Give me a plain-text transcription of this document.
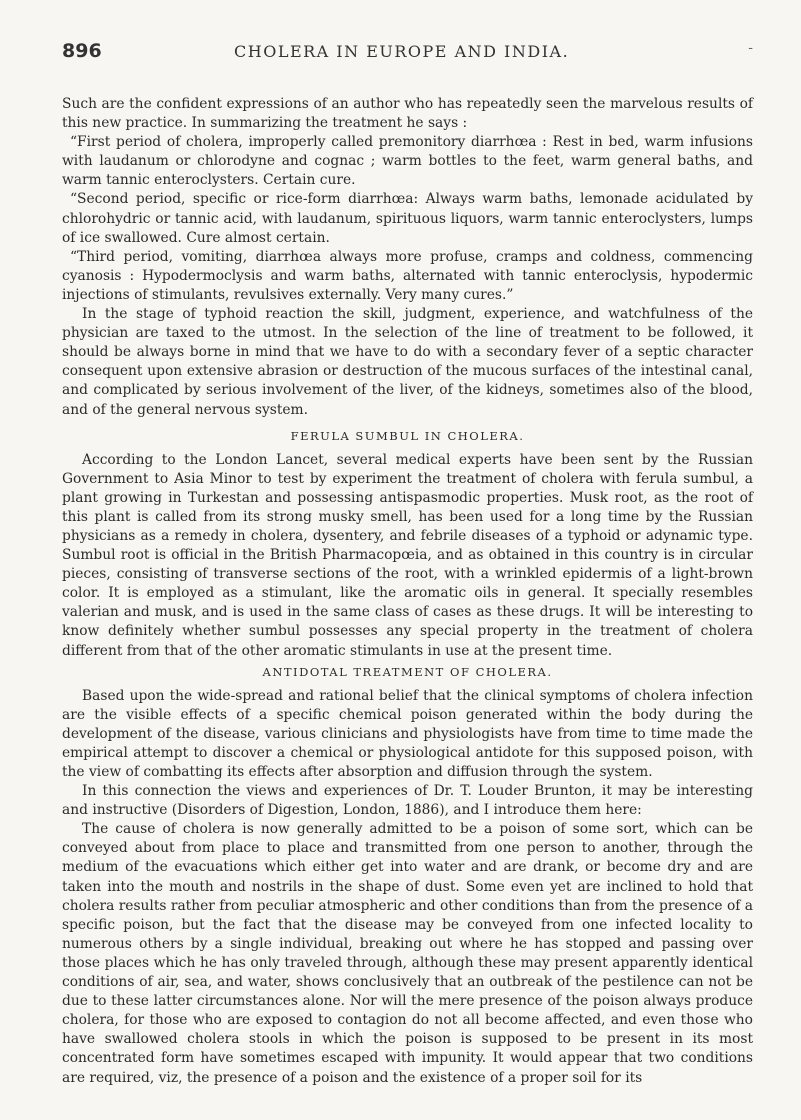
896	CHOLERA IN EUROPE AND INDIA.	-

Such are the confident expressions of an author who has repeatedly seen the marvelous results of this new practice. In summarizing the treatment he says :

“First period of cholera, improperly called premonitory diarrhœa : Rest in bed, warm infusions with laudanum or chlorodyne and cognac ; warm bottles to the feet, warm general baths, and warm tannic enteroclysters. Certain cure.

“Second period, specific or rice-form diarrhœa: Always warm baths, lemonade acidulated by chlorohydric or tannic acid, with laudanum, spirituous liquors, warm tannic enteroclysters, lumps of ice swallowed. Cure almost certain.

“Third period, vomiting, diarrhœa always more profuse, cramps and coldness, commencing cyanosis : Hypodermoclysis and warm baths, alternated with tannic enteroclysis, hypodermic injections of stimulants, revulsives externally. Very many cures.”

In the stage of typhoid reaction the skill, judgment, experience, and watchfulness of the physician are taxed to the utmost. In the selection of the line of treatment to be followed, it should be always borne in mind that we have to do with a secondary fever of a septic character consequent upon extensive abrasion or destruction of the mucous surfaces of the intestinal canal, and complicated by serious involvement of the liver, of the kidneys, sometimes also of the blood, and of the general nervous system.

FERULA SUMBUL IN CHOLERA.

According to the London Lancet, several medical experts have been sent by the Russian Government to Asia Minor to test by experiment the treatment of cholera with ferula sumbul, a plant growing in Turkestan and possessing antispasmodic properties. Musk root, as the root of this plant is called from its strong musky smell, has been used for a long time by the Russian physicians as a remedy in cholera, dysentery, and febrile diseases of a typhoid or adynamic type. Sumbul root is official in the British Pharmacopœia, and as obtained in this country is in circular pieces, consisting of transverse sections of the root, with a wrinkled epidermis of a light-brown color. It is employed as a stimulant, like the aromatic oils in general. It specially resembles valerian and musk, and is used in the same class of cases as these drugs. It will be interesting to know definitely whether sumbul possesses any special property in the treatment of cholera different from that of the other aromatic stimulants in use at the present time.

ANTIDOTAL TREATMENT OF CHOLERA.

Based upon the wide-spread and rational belief that the clinical symptoms of cholera infection are the visible effects of a specific chemical poison generated within the body during the development of the disease, various clinicians and physiologists have from time to time made the empirical attempt to discover a chemical or physiological antidote for this supposed poison, with the view of combatting its effects after absorption and diffusion through the system.

In this connection the views and experiences of Dr. T. Louder Brunton, it may be interesting and instructive (Disorders of Digestion, London, 1886), and I introduce them here:

The cause of cholera is now generally admitted to be a poison of some sort, which can be conveyed about from place to place and transmitted from one person to another, through the medium of the evacuations which either get into water and are drank, or become dry and are taken into the mouth and nostrils in the shape of dust. Some even yet are inclined to hold that cholera results rather from peculiar atmospheric and other conditions than from the presence of a specific poison, but the fact that the disease may be conveyed from one infected locality to numerous others by a single individual, breaking out where he has stopped and passing over those places which he has only traveled through, although these may present apparently identical conditions of air, sea, and water, shows conclusively that an outbreak of the pestilence can not be due to these latter circumstances alone. Nor will the mere presence of the poison always produce cholera, for those who are exposed to contagion do not all become affected, and even those who have swallowed cholera stools in which the poison is supposed to be present in its most concentrated form have sometimes escaped with impunity. It would appear that two conditions are required, viz, the presence of a poison and the existence of a proper soil for its
